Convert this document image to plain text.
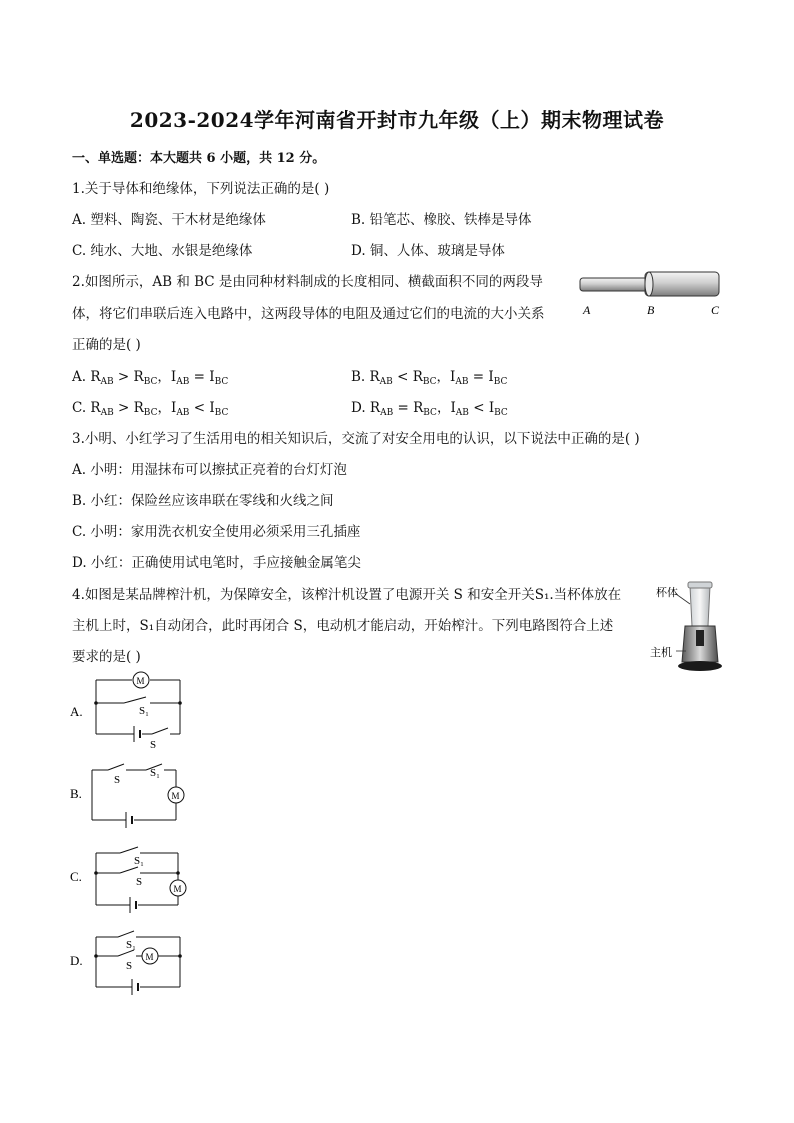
2023-2024学年河南省开封市九年级（上）期末物理试卷
一、单选题：本大题共 6 小题，共 12 分。
1.关于导体和绝缘体，下列说法正确的是( )
A. 塑料、陶瓷、干木材是绝缘体	B. 铅笔芯、橡胶、铁棒是导体
C. 纯水、大地、水银是绝缘体	D. 铜、人体、玻璃是导体
2.如图所示，AB 和 BC 是由同种材料制成的长度相同、横截面积不同的两段导
体，将它们串联后连入电路中，这两段导体的电阻及通过它们的电流的大小关系
正确的是( )
A. $R_{AB} > R_{BC}$，$I_{AB} = I_{BC}$	B. $R_{AB} < R_{BC}$，$I_{AB} = I_{BC}$
C. $R_{AB} > R_{BC}$，$I_{AB} < I_{BC}$	D. $R_{AB} = R_{BC}$，$I_{AB} < I_{BC}$
A	B	C
3.小明、小红学习了生活用电的相关知识后，交流了对安全用电的认识，以下说法中正确的是( )
A. 小明：用湿抹布可以擦拭正亮着的台灯灯泡
B. 小红：保险丝应该串联在零线和火线之间
C. 小明：家用洗衣机安全使用必须采用三孔插座
D. 小红：正确使用试电笔时，手应接触金属笔尖
4.如图是某品牌榨汁机，为保障安全，该榨汁机设置了电源开关 S 和安全开关S₁.当杯体放在
主机上时，S₁自动闭合，此时再闭合 S，电动机才能启动，开始榨汁。下列电路图符合上述
要求的是( )
杯体
主机
A.
M
S₁
S
B.	M
S
S₁
C.
M
S₁
S
D.	M
S₁
S
